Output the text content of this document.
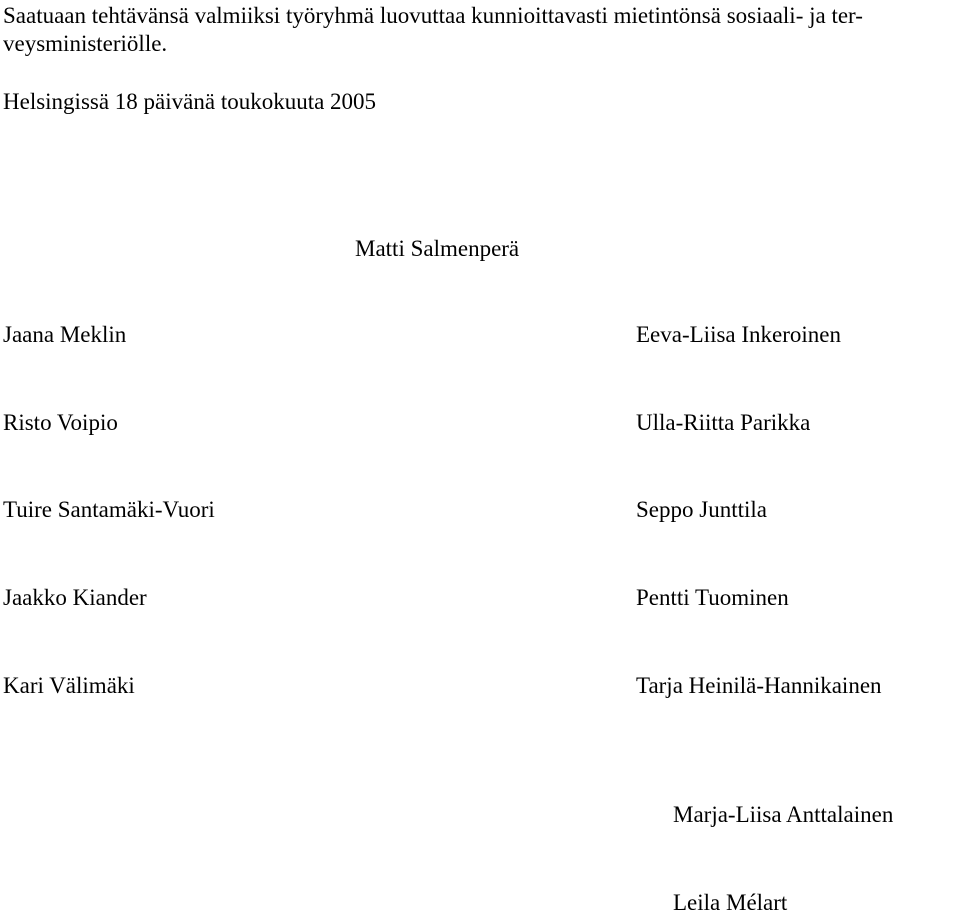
Saatuaan tehtävänsä valmiiksi työryhmä luovuttaa kunnioittavasti mietintönsä sosiaali- ja ter-

veysministeriölle.

Helsingissä 18 päivänä toukokuuta 2005

Matti Salmenperä

Jaana Meklin	Eeva-Liisa Inkeroinen

Risto Voipio	Ulla-Riitta Parikka

Tuire Santamäki-Vuori	Seppo Junttila

Jaakko Kiander	Pentti Tuominen

Kari Välimäki	Tarja Heinilä-Hannikainen

Marja-Liisa Anttalainen

Leila Mélart
